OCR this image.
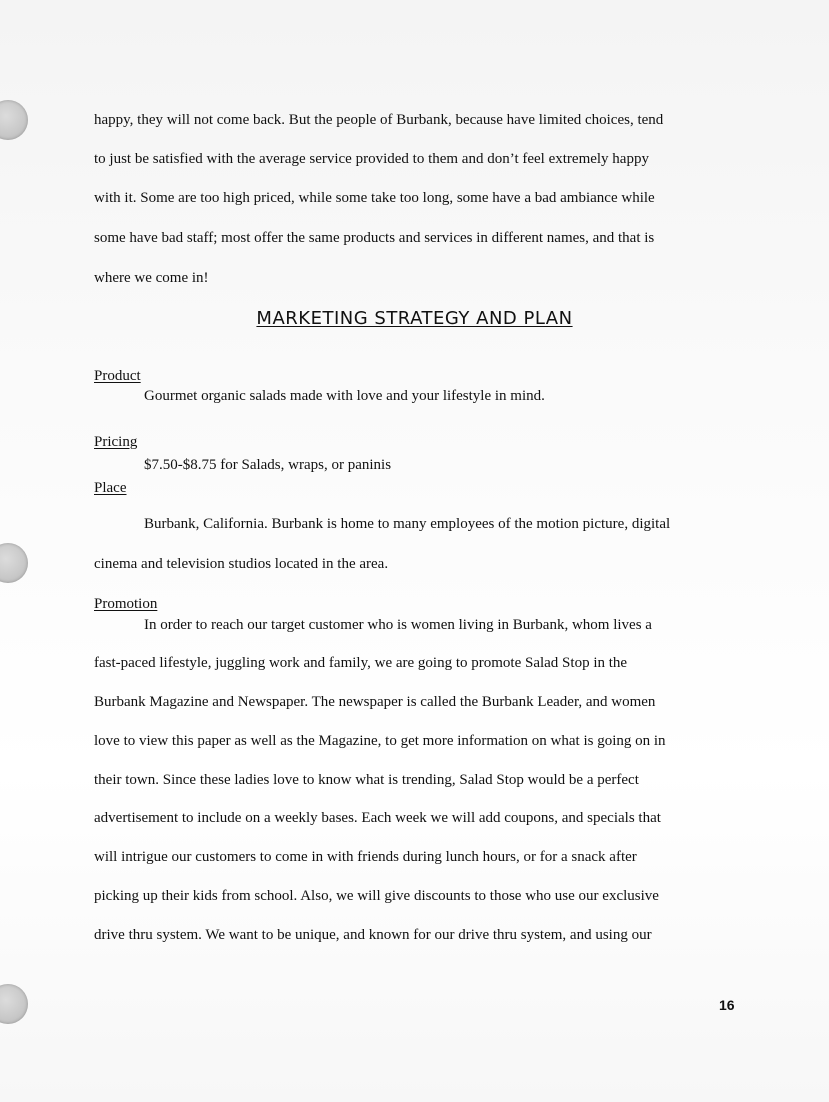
happy, they will not come back. But the people of Burbank, because have limited choices, tend
to just be satisfied with the average service provided to them and don’t feel extremely happy
with it. Some are too high priced, while some take too long, some have a bad ambiance while
some have bad staff; most offer the same products and services in different names, and that is
where we come in!
MARKETING STRATEGY AND PLAN
Product
Gourmet organic salads made with love and your lifestyle in mind.
Pricing
$7.50-$8.75 for Salads, wraps, or paninis
Place
Burbank, California. Burbank is home to many employees of the motion picture, digital
cinema and television studios located in the area.
Promotion
In order to reach our target customer who is women living in Burbank, whom lives a
fast-paced lifestyle, juggling work and family, we are going to promote Salad Stop in the
Burbank Magazine and Newspaper. The newspaper is called the Burbank Leader, and women
love to view this paper as well as the Magazine, to get more information on what is going on in
their town. Since these ladies love to know what is trending, Salad Stop would be a perfect
advertisement to include on a weekly bases. Each week we will add coupons, and specials that
will intrigue our customers to come in with friends during lunch hours, or for a snack after
picking up their kids from school. Also, we will give discounts to those who use our exclusive
drive thru system. We want to be unique, and known for our drive thru system, and using our
16
